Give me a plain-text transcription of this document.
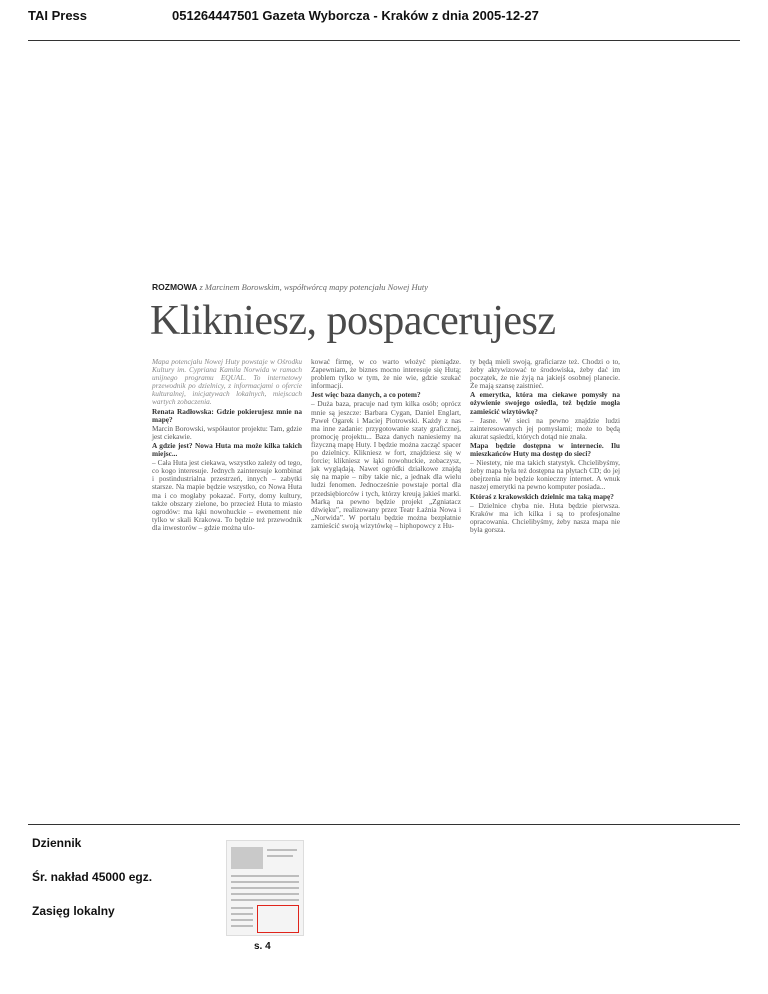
TAI Press	051264447501 Gazeta Wyborcza - Kraków z dnia 2005-12-27
ROZMOWA z Marcinem Borowskim, współtwórcą mapy potencjału Nowej Huty
Klikniesz, pospacerujesz

Mapa potencjału Nowej Huty powstaje w Ośrodku Kultury im. Cypriana Kamila Norwida w ramach unijnego programu EQUAL. To internetowy przewodnik po dzielnicy, z informacjami o ofercie kulturalnej, inicjatywach lokalnych, miejscach wartych zobaczenia.

Renata Radłowska: Gdzie pokierujesz mnie na mapę?

Marcin Borowski, współautor projektu: Tam, gdzie jest ciekawie.

A gdzie jest? Nowa Huta ma może kilka takich miejsc...

– Cała Huta jest ciekawa, wszystko zależy od tego, co kogo interesuje. Jednych zainteresuje kombinat i postindustrialna przestrzeń, innych – zabytki starsze. Na mapie będzie wszystko, co Nowa Huta ma i co mogłaby pokazać. Forty, domy kultury, także obszary zielone, bo przecież Huta to miasto ogrodów: ma łąki nowohuckie – ewenement nie tylko w skali Krakowa. To będzie też przewodnik dla inwestorów – gdzie można ulo-

kować firmę, w co warto włożyć pieniądze. Zapewniam, że biznes mocno interesuje się Hutą; problem tylko w tym, że nie wie, gdzie szukać informacji.

Jest więc baza danych, a co potem?

– Duża baza, pracuje nad tym kilka osób; oprócz mnie są jeszcze: Barbara Cygan, Daniel Englart, Paweł Ogarek i Maciej Piotrowski. Każdy z nas ma inne zadanie: przygotowanie szaty graficznej, promocję projektu... Baza danych naniesiemy na fizyczną mapę Huty. I będzie można zacząć spacer po dzielnicy. Klikniesz w fort, znajdziesz się w forcie; klikniesz w łąki nowohuckie, zobaczysz, jak wyglądają. Nawet ogródki działkowe znajdą się na mapie – niby takie nic, a jednak dla wielu ludzi fenomen. Jednocześnie powstaje portal dla przedsiębiorców i tych, którzy kreują jakieś marki. Marką na pewno będzie projekt „Zgniatacz dźwięku”, realizowany przez Teatr Łaźnia Nowa i „Norwida”. W portalu będzie można bezpłatnie zamieścić swoją wizytówkę – hiphopowcy z Hu-

ty będą mieli swoją, graficiarze też. Chodzi o to, żeby aktywizować te środowiska, żeby dać im początek, że nie żyją na jakiejś osobnej planecie. Że mają szansę zaistnieć.

A emerytka, która ma ciekawe pomysły na ożywienie swojego osiedla, też będzie mogła zamieścić wizytówkę?

– Jasne. W sieci na pewno znajdzie ludzi zainteresowanych jej pomysłami; może to będą akurat sąsiedzi, których dotąd nie znała.

Mapa będzie dostępna w internecie. Ilu mieszkańców Huty ma dostęp do sieci?

– Niestety, nie ma takich statystyk. Chcielibyśmy, żeby mapa była też dostępna na płytach CD; do jej obejrzenia nie będzie konieczny internet. A wnuk naszej emerytki na pewno komputer posiada...

Któraś z krakowskich dzielnic ma taką mapę?

– Dzielnice chyba nie. Huta będzie pierwsza. Kraków ma ich kilka i są to profesjonalne opracowania. Chcielibyśmy, żeby nasza mapa nie była gorsza.

Dziennik
Śr. nakład 45000 egz.
Zasięg lokalny
s. 4
